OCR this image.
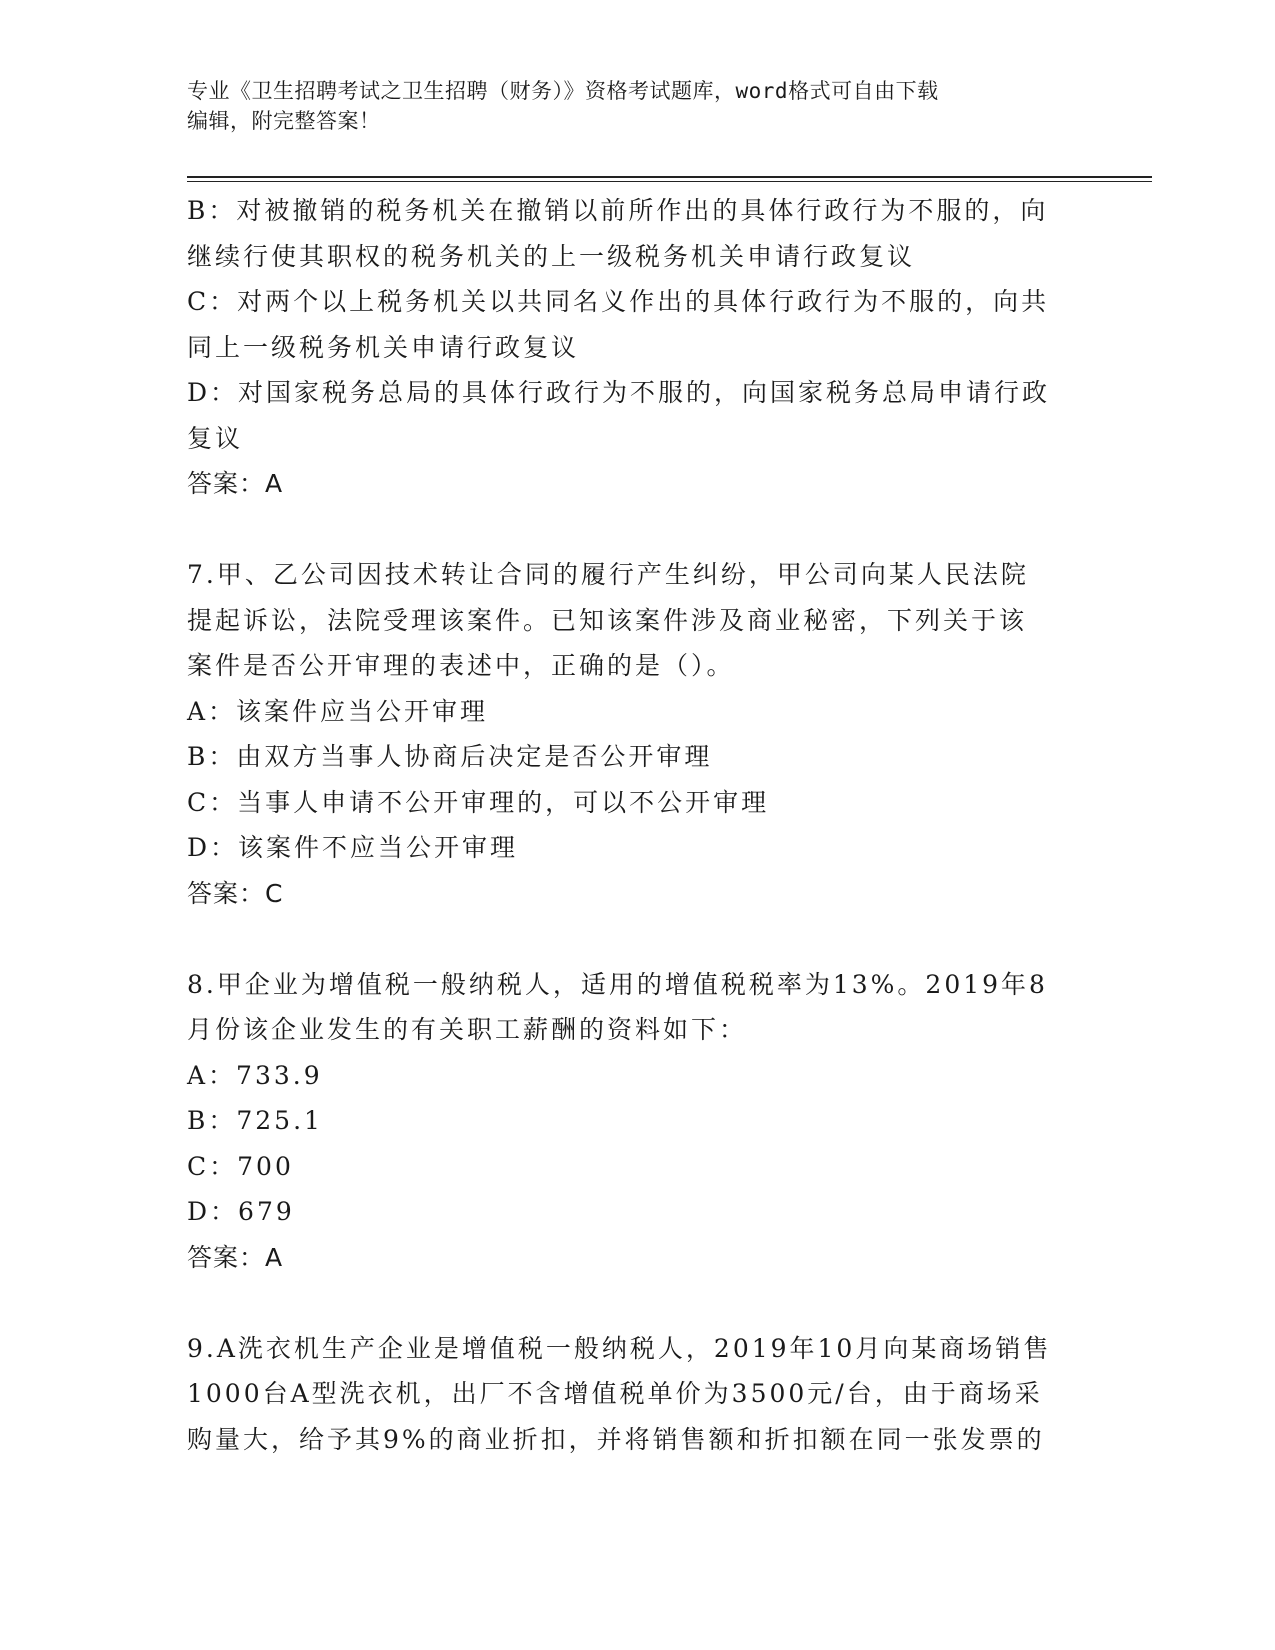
专业《卫生招聘考试之卫生招聘（财务）》资格考试题库，word格式可自由下载
编辑，附完整答案！
B：对被撤销的税务机关在撤销以前所作出的具体行政行为不服的，向
继续行使其职权的税务机关的上一级税务机关申请行政复议
C：对两个以上税务机关以共同名义作出的具体行政行为不服的，向共
同上一级税务机关申请行政复议
D：对国家税务总局的具体行政行为不服的，向国家税务总局申请行政
复议
答案：A
7.甲、乙公司因技术转让合同的履行产生纠纷，甲公司向某人民法院
提起诉讼，法院受理该案件。已知该案件涉及商业秘密，下列关于该
案件是否公开审理的表述中，正确的是（）。
A：该案件应当公开审理
B：由双方当事人协商后决定是否公开审理
C：当事人申请不公开审理的，可以不公开审理
D：该案件不应当公开审理
答案：C
8.甲企业为增值税一般纳税人，适用的增值税税率为13%。2019年8
月份该企业发生的有关职工薪酬的资料如下：
A：733.9
B：725.1
C：700
D：679
答案：A
9.A洗衣机生产企业是增值税一般纳税人，2019年10月向某商场销售
1000台A型洗衣机，出厂不含增值税单价为3500元/台，由于商场采
购量大，给予其9%的商业折扣，并将销售额和折扣额在同一张发票的
